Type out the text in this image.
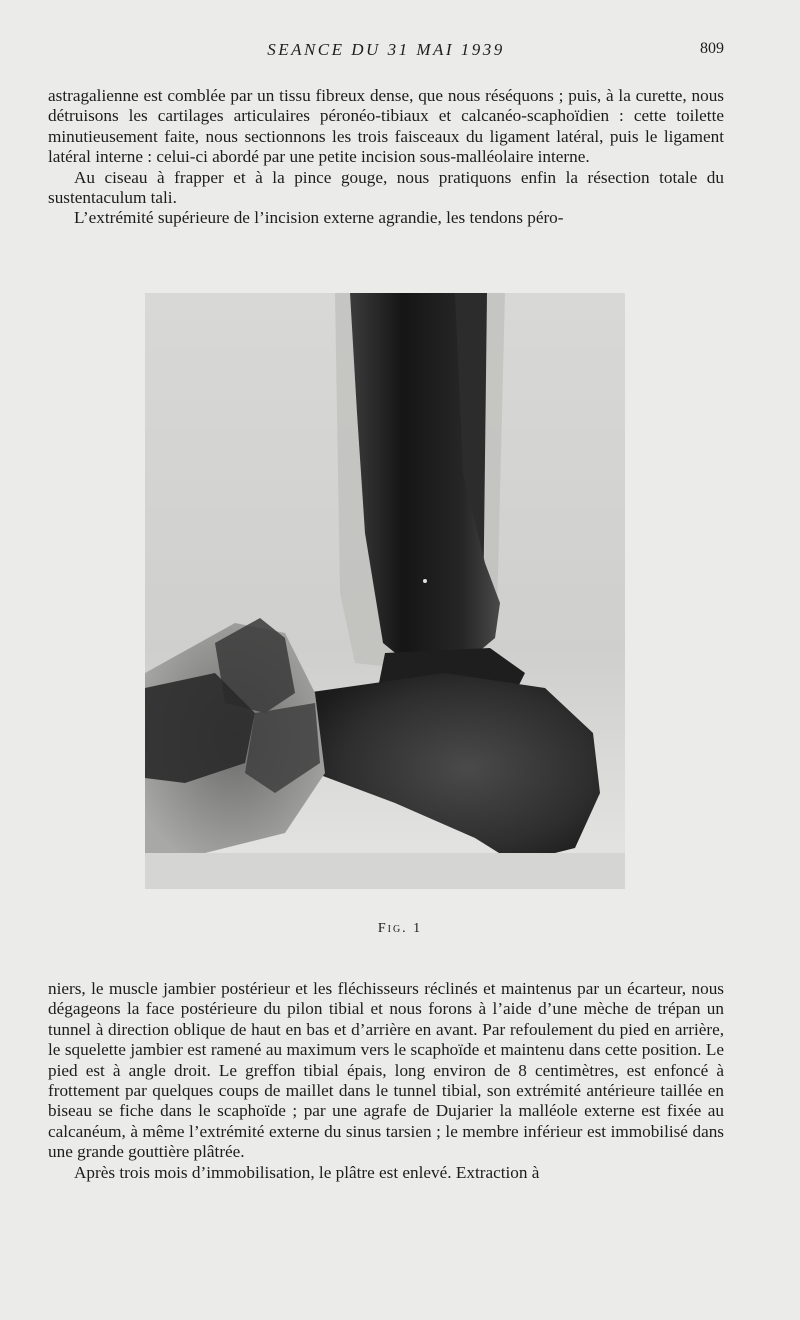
SEANCE DU 31 MAI 1939	809

astragalienne est comblée par un tissu fibreux dense, que nous réséquons ; puis, à la curette, nous détruisons les cartilages articulaires péronéo-tibiaux et calcanéo-scaphoïdien : cette toilette minutieusement faite, nous sectionnons les trois faisceaux du ligament latéral, puis le ligament latéral interne : celui-ci abordé par une petite incision sous-malléolaire interne.

Au ciseau à frapper et à la pince gouge, nous pratiquons enfin la résection totale du sustentaculum tali.

L’extrémité supérieure de l’incision externe agrandie, les tendons péro-

Fig. 1

niers, le muscle jambier postérieur et les fléchisseurs réclinés et maintenus par un écarteur, nous dégageons la face postérieure du pilon tibial et nous forons à l’aide d’une mèche de trépan un tunnel à direction oblique de haut en bas et d’arrière en avant. Par refoulement du pied en arrière, le squelette jambier est ramené au maximum vers le scaphoïde et maintenu dans cette position. Le pied est à angle droit. Le greffon tibial épais, long environ de 8 centimètres, est enfoncé à frottement par quelques coups de maillet dans le tunnel tibial, son extrémité antérieure taillée en biseau se fiche dans le scaphoïde ; par une agrafe de Dujarier la malléole externe est fixée au calcanéum, à même l’extrémité externe du sinus tarsien ; le membre inférieur est immobilisé dans une grande gouttière plâtrée.

Après trois mois d’immobilisation, le plâtre est enlevé. Extraction à
